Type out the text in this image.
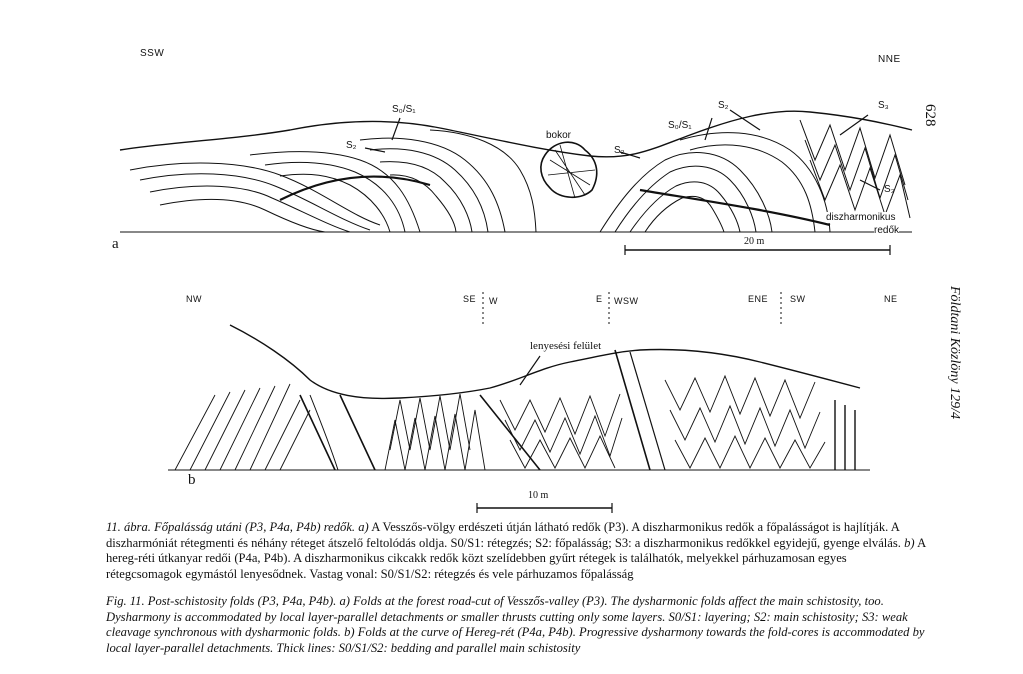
628
Földtani Közlöny 129/4
SSW
NNE
a
S₀/S₁
S₂
bokor
S₂
S₀/S₁
S₂	S₃
S₃
diszharmonikus
redők
20 m
NW	SE W	E WSW	ENE SW	NE
lenyesési felület
b
10 m

11. ábra. Főpalásság utáni (P3, P4a, P4b) redők. a) A Vesszős-völgy erdészeti útján látható redők (P3). A diszharmonikus redők a főpalásságot is hajlítják. A diszharmóniát rétegmenti és néhány réteget átszelő feltolódás oldja. S0/S1: rétegzés; S2: főpalásság; S3: a diszharmonikus redőkkel egyidejű, gyenge elválás. b) A hereg-réti útkanyar redői (P4a, P4b). A diszharmonikus cikcakk redők közt szelídebben gyűrt rétegek is találhatók, melyekkel párhuzamosan egyes rétegcsomagok egymástól lenyesődnek. Vastag vonal: S0/S1/S2: rétegzés és vele párhuzamos főpalásság

Fig. 11. Post-schistosity folds (P3, P4a, P4b). a) Folds at the forest road-cut of Vesszős-valley (P3). The dysharmonic folds affect the main schistosity, too. Dysharmony is accommodated by local layer-parallel detachments or smaller thrusts cutting only some layers. S0/S1: layering; S2: main schistosity; S3: weak cleavage synchronous with dysharmonic folds. b) Folds at the curve of Hereg-rét (P4a, P4b). Progressive dysharmony towards the fold-cores is accommodated by local layer-parallel detachments. Thick lines: S0/S1/S2: bedding and parallel main schistosity
